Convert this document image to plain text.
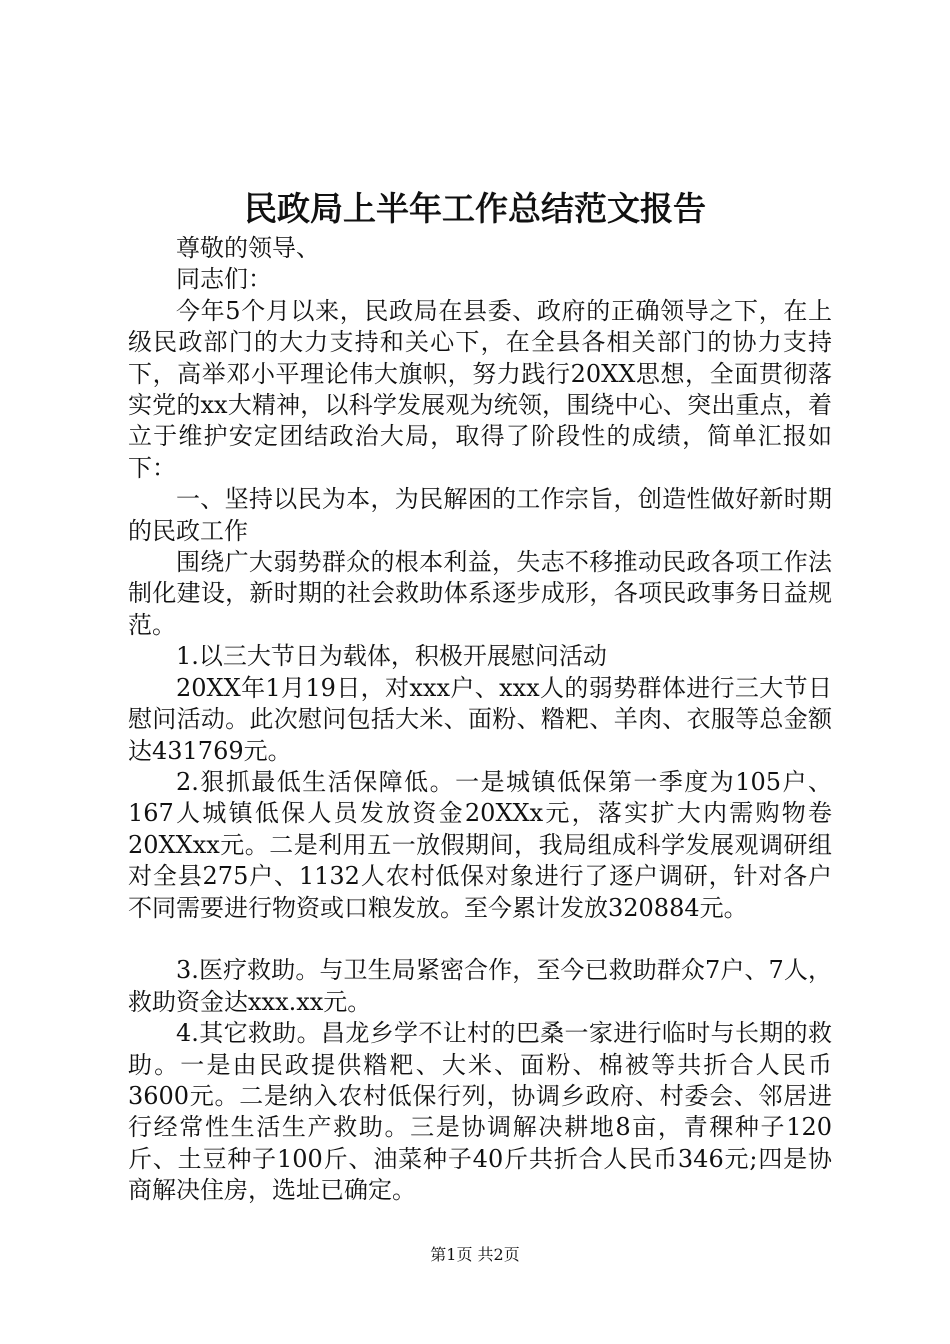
民政局上半年工作总结范文报告

尊敬的领导、

同志们：

今年5个月以来，民政局在县委、政府的正确领导之下，在上级民政部门的大力支持和关心下，在全县各相关部门的协力支持下，高举邓小平理论伟大旗帜，努力践行20XX思想，全面贯彻落实党的xx大精神，以科学发展观为统领，围绕中心、突出重点，着立于维护安定团结政治大局，取得了阶段性的成绩，简单汇报如下：

一、坚持以民为本，为民解困的工作宗旨，创造性做好新时期的民政工作

围绕广大弱势群众的根本利益，失志不移推动民政各项工作法制化建设，新时期的社会救助体系逐步成形，各项民政事务日益规范。

1.以三大节日为载体，积极开展慰问活动

20XX年1月19日，对xxx户、xxx人的弱势群体进行三大节日慰问活动。此次慰问包括大米、面粉、糌粑、羊肉、衣服等总金额达431769元。

2.狠抓最低生活保障低。一是城镇低保第一季度为105户、167人城镇低保人员发放资金20XXx元，落实扩大内需购物卷20XXxx元。二是利用五一放假期间，我局组成科学发展观调研组对全县275户、1132人农村低保对象进行了逐户调研，针对各户不同需要进行物资或口粮发放。至今累计发放320884元。

3.医疗救助。与卫生局紧密合作，至今已救助群众7户、7人，救助资金达xxx.xx元。

4.其它救助。昌龙乡学不让村的巴桑一家进行临时与长期的救助。一是由民政提供糌粑、大米、面粉、棉被等共折合人民币3600元。二是纳入农村低保行列，协调乡政府、村委会、邻居进行经常性生活生产救助。三是协调解决耕地8亩，青稞种子120斤、土豆种子100斤、油菜种子40斤共折合人民币346元;四是协商解决住房，选址已确定。

第1页 共2页
